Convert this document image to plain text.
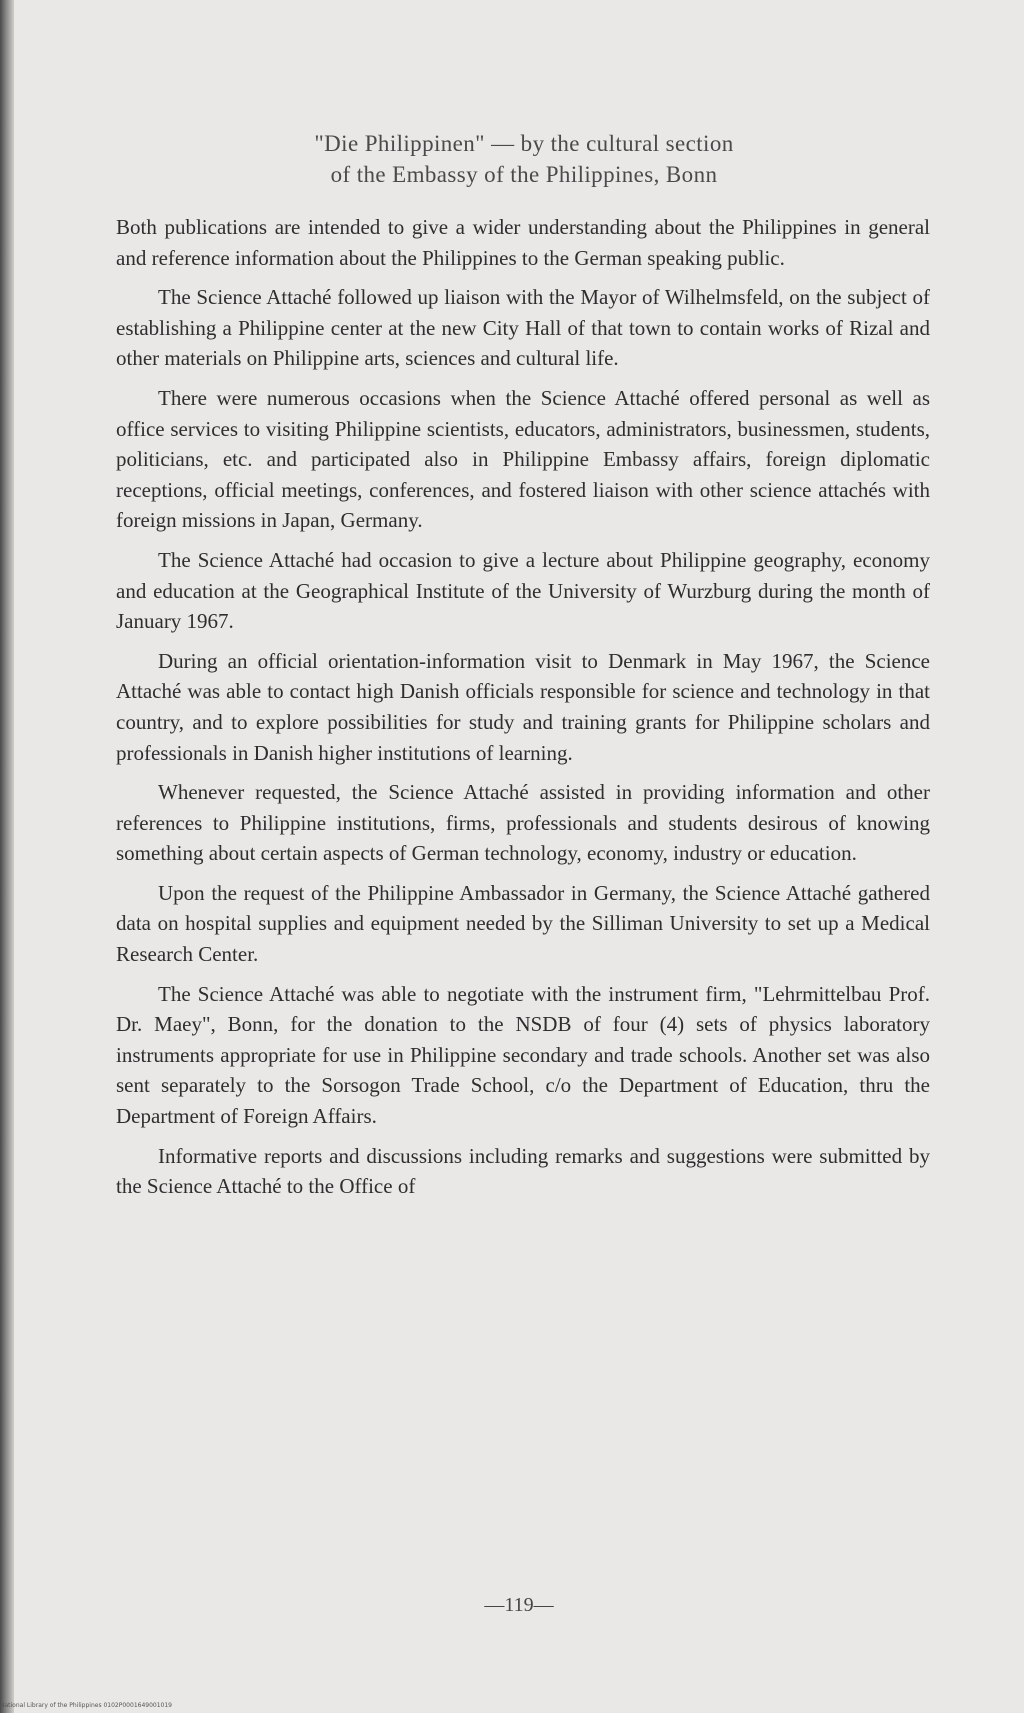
"Die Philippinen" — by the cultural section
of the Embassy of the Philippines, Bonn

Both publications are intended to give a wider understanding about the Philippines in general and reference information about the Philippines to the German speaking public.

The Science Attaché followed up liaison with the Mayor of Wilhelmsfeld, on the subject of establishing a Philippine center at the new City Hall of that town to contain works of Rizal and other materials on Philippine arts, sciences and cultural life.

There were numerous occasions when the Science Attaché offered personal as well as office services to visiting Philippine scientists, educators, administrators, businessmen, students, politicians, etc. and participated also in Philippine Embassy affairs, foreign diplomatic receptions, official meetings, conferences, and fostered liaison with other science attachés with foreign missions in Japan, Germany.

The Science Attaché had occasion to give a lecture about Philippine geography, economy and education at the Geographical Institute of the University of Wurzburg during the month of January 1967.

During an official orientation-information visit to Denmark in May 1967, the Science Attaché was able to contact high Danish officials responsible for science and technology in that country, and to explore possibilities for study and training grants for Philippine scholars and professionals in Danish higher institutions of learning.

Whenever requested, the Science Attaché assisted in providing information and other references to Philippine institutions, firms, professionals and students desirous of knowing something about certain aspects of German technology, economy, industry or education.

Upon the request of the Philippine Ambassador in Germany, the Science Attaché gathered data on hospital supplies and equipment needed by the Silliman University to set up a Medical Research Center.

The Science Attaché was able to negotiate with the instrument firm, "Lehrmittelbau Prof. Dr. Maey", Bonn, for the donation to the NSDB of four (4) sets of physics laboratory instruments appropriate for use in Philippine secondary and trade schools. Another set was also sent separately to the Sorsogon Trade School, c/o the Department of Education, thru the Department of Foreign Affairs.

Informative reports and discussions including remarks and suggestions were submitted by the Science Attaché to the Office of

—119—
National Library of the Philippines 0102P0001649001019
